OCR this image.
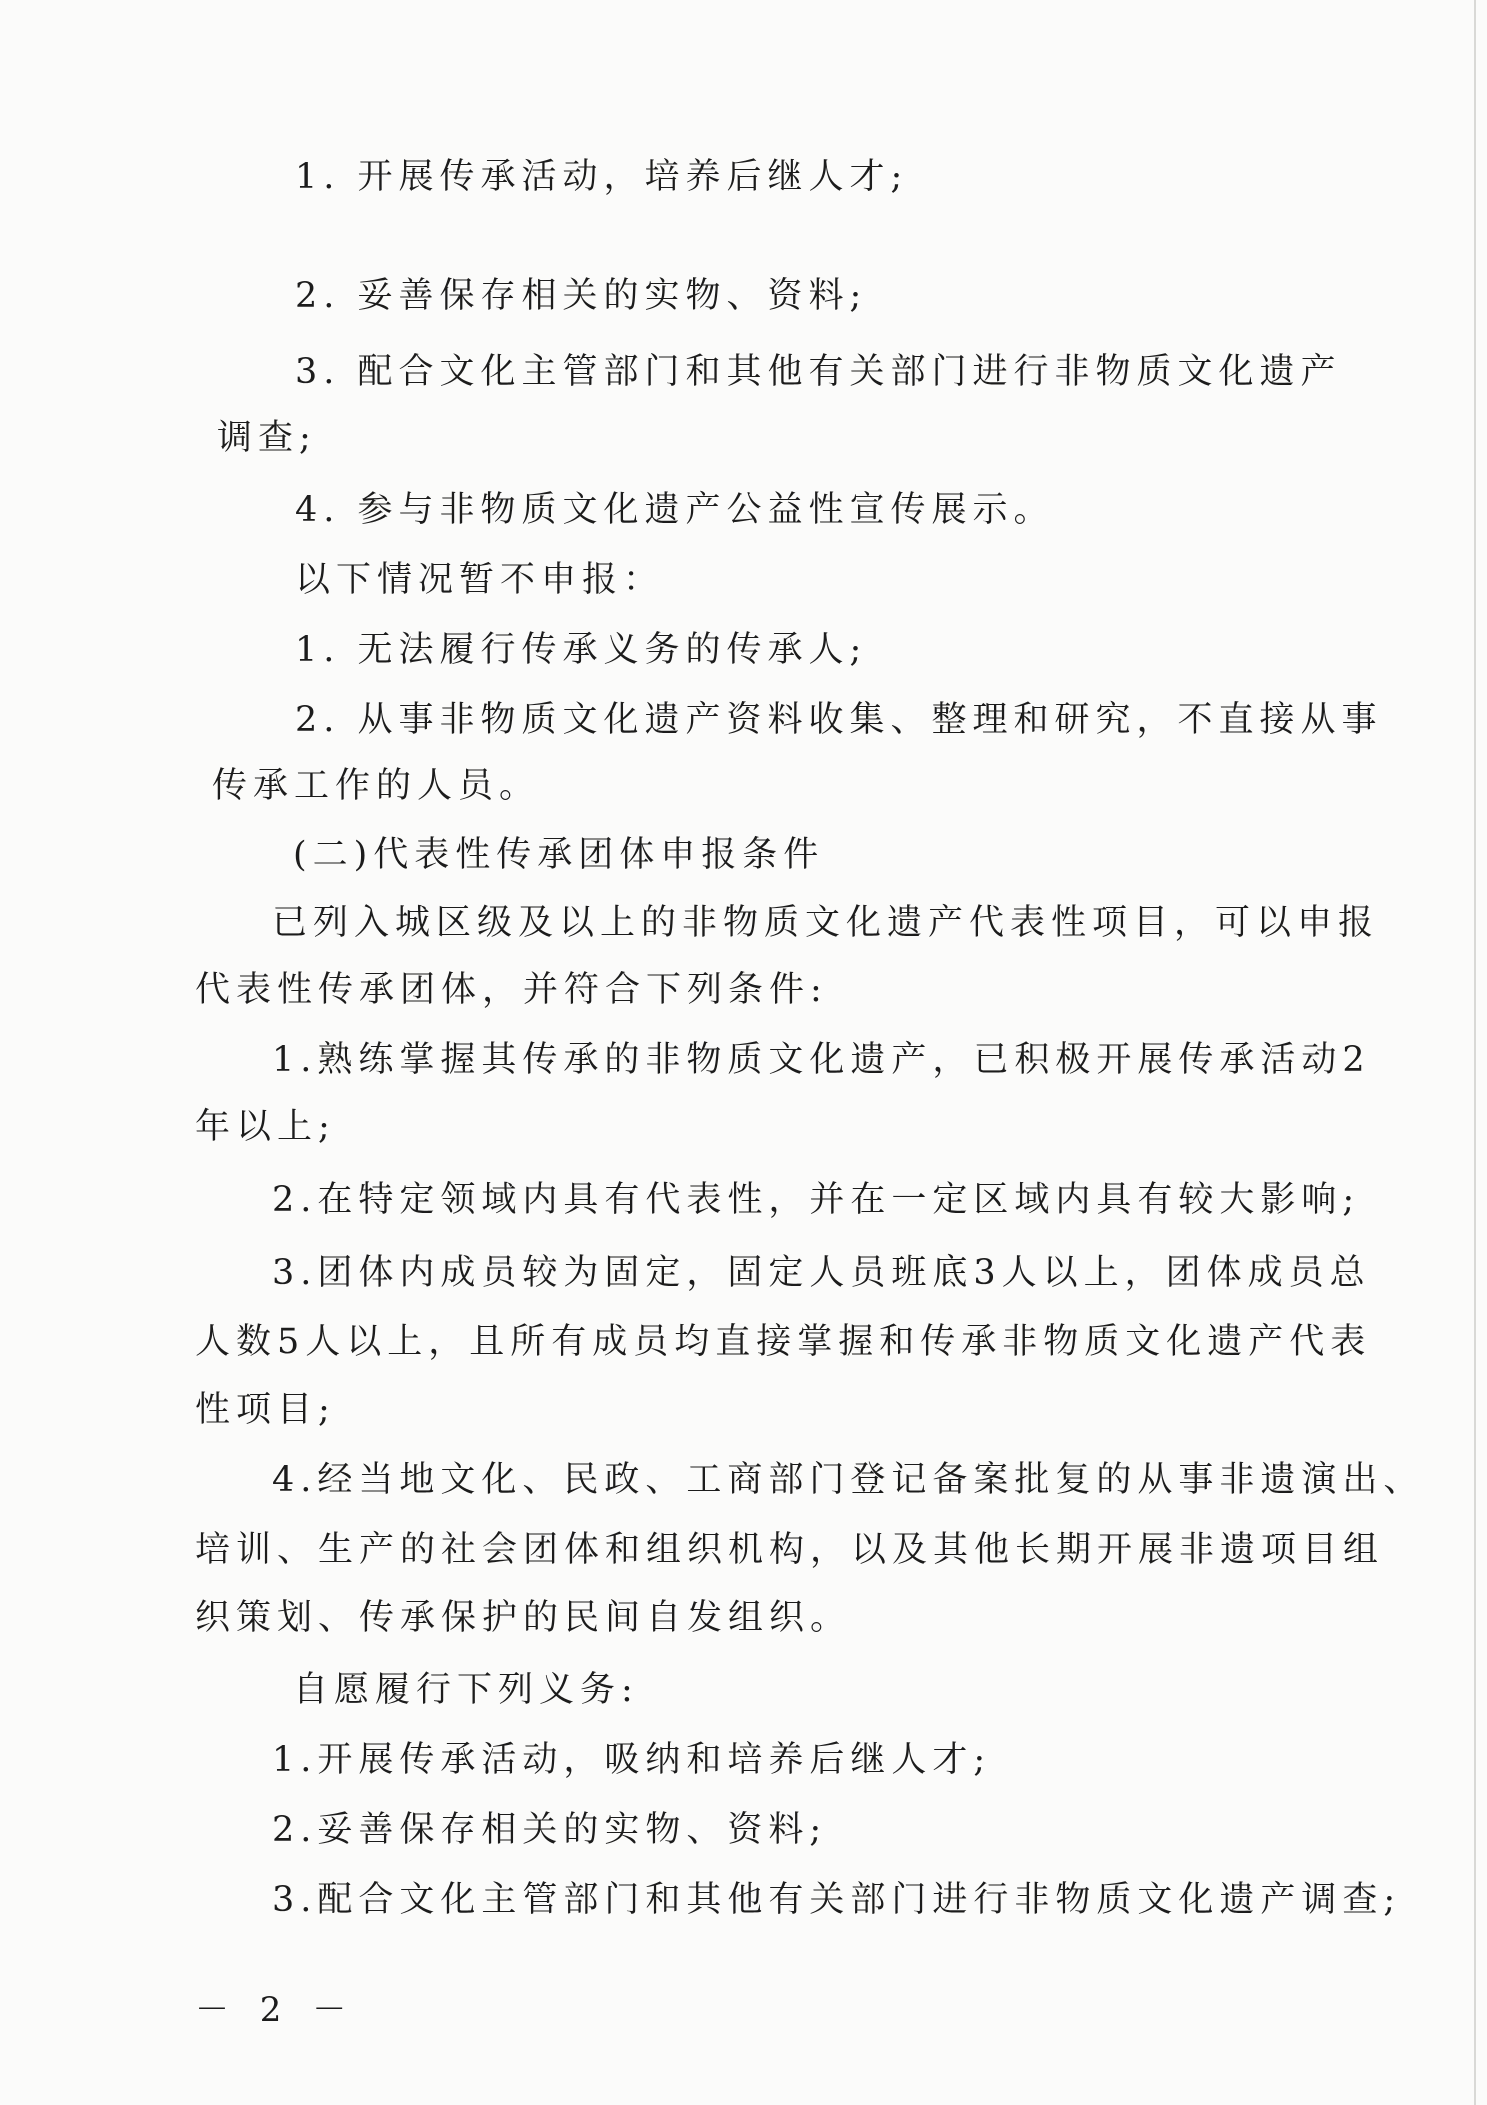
1. 开展传承活动，培养后继人才;

2. 妥善保存相关的实物、资料;

3. 配合文化主管部门和其他有关部门进行非物质文化遗产

调查;

4. 参与非物质文化遗产公益性宣传展示。

以下情况暂不申报：

1. 无法履行传承义务的传承人;

2. 从事非物质文化遗产资料收集、整理和研究，不直接从事

传承工作的人员。

(二)代表性传承团体申报条件

已列入城区级及以上的非物质文化遗产代表性项目，可以申报

代表性传承团体，并符合下列条件:

1.熟练掌握其传承的非物质文化遗产，已积极开展传承活动2

年以上;

2.在特定领域内具有代表性，并在一定区域内具有较大影响;

3.团体内成员较为固定，固定人员班底3人以上，团体成员总

人数5人以上，且所有成员均直接掌握和传承非物质文化遗产代表

性项目;

4.经当地文化、民政、工商部门登记备案批复的从事非遗演出、

培训、生产的社会团体和组织机构，以及其他长期开展非遗项目组

织策划、传承保护的民间自发组织。

自愿履行下列义务:

1.开展传承活动，吸纳和培养后继人才;

2.妥善保存相关的实物、资料;

3.配合文化主管部门和其他有关部门进行非物质文化遗产调查;

－ 2 －
